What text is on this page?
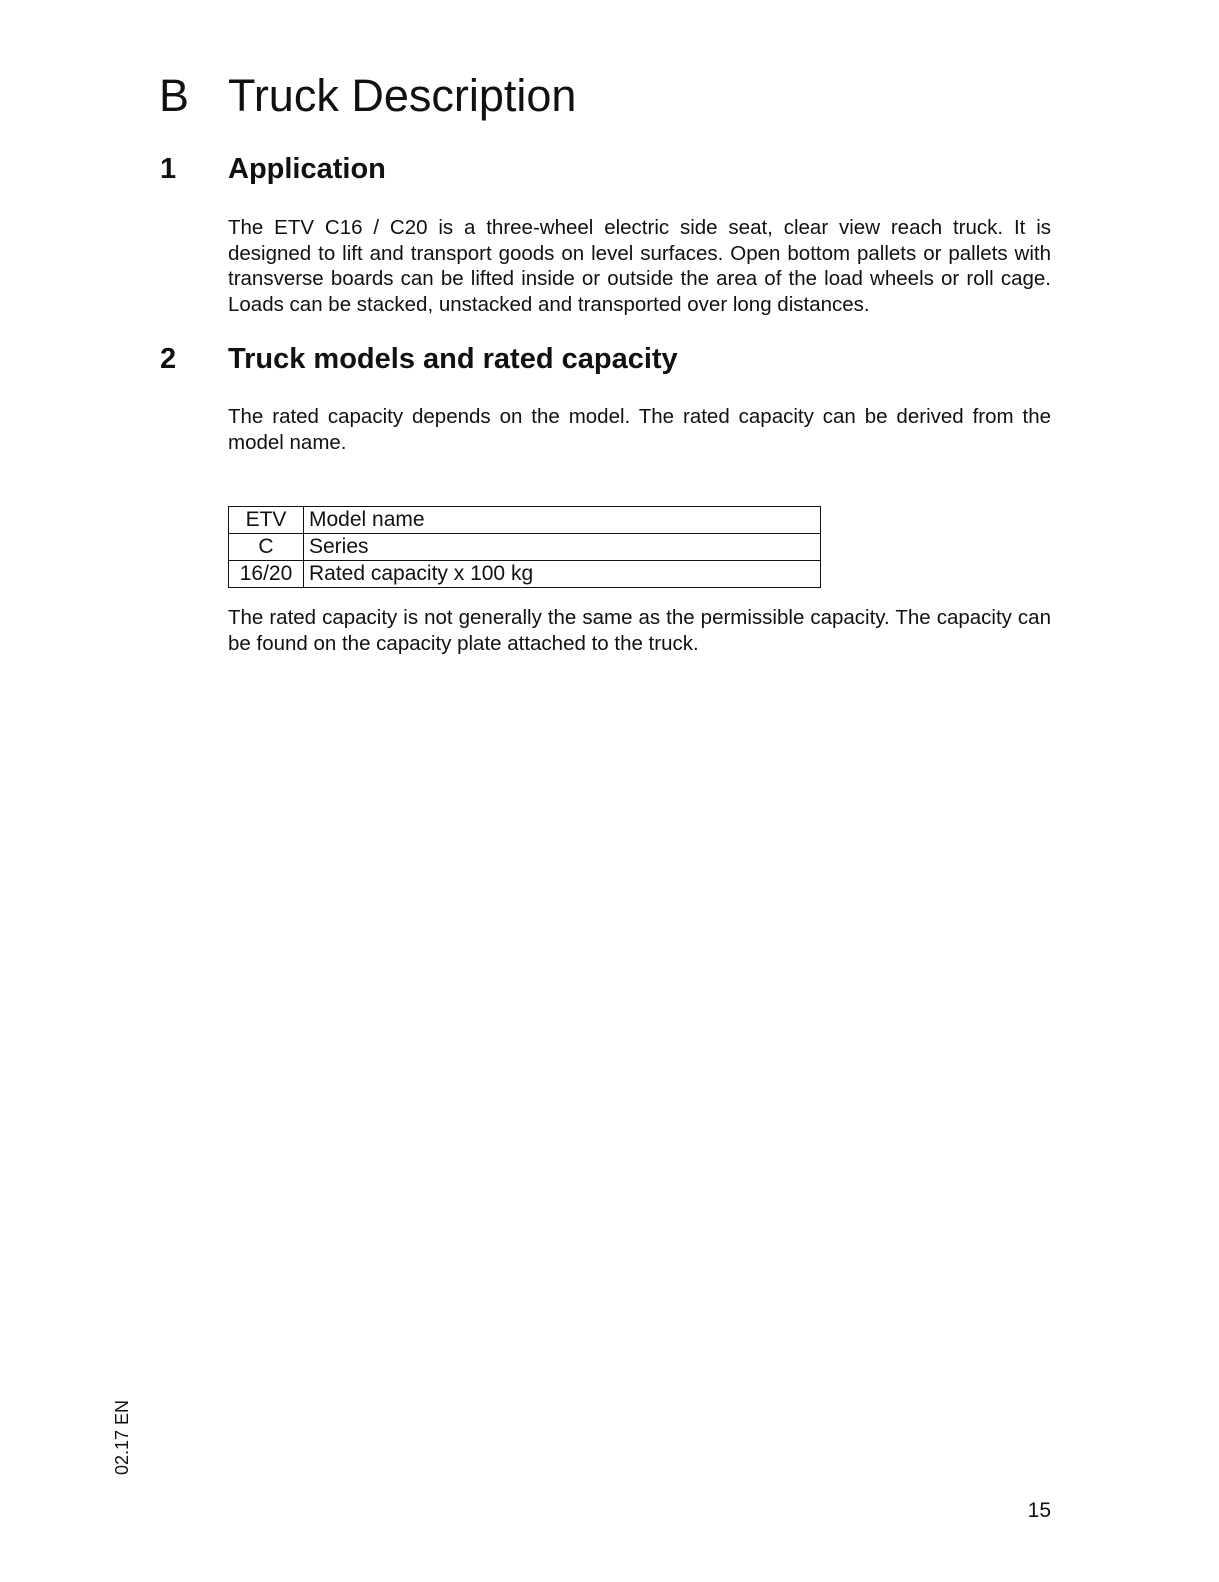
B Truck Description
1 Application

The ETV C16 / C20 is a three-wheel electric side seat, clear view reach truck. It is designed to lift and transport goods on level surfaces. Open bottom pallets or pallets with transverse boards can be lifted inside or outside the area of the load wheels or roll cage. Loads can be stacked, unstacked and transported over long distances.

2 Truck models and rated capacity

The rated capacity depends on the model. The rated capacity can be derived from the model name.

ETV	Model name
C	Series
16/20	Rated capacity x 100 kg

The rated capacity is not generally the same as the permissible capacity. The capacity can be found on the capacity plate attached to the truck.

02.17 EN
15
